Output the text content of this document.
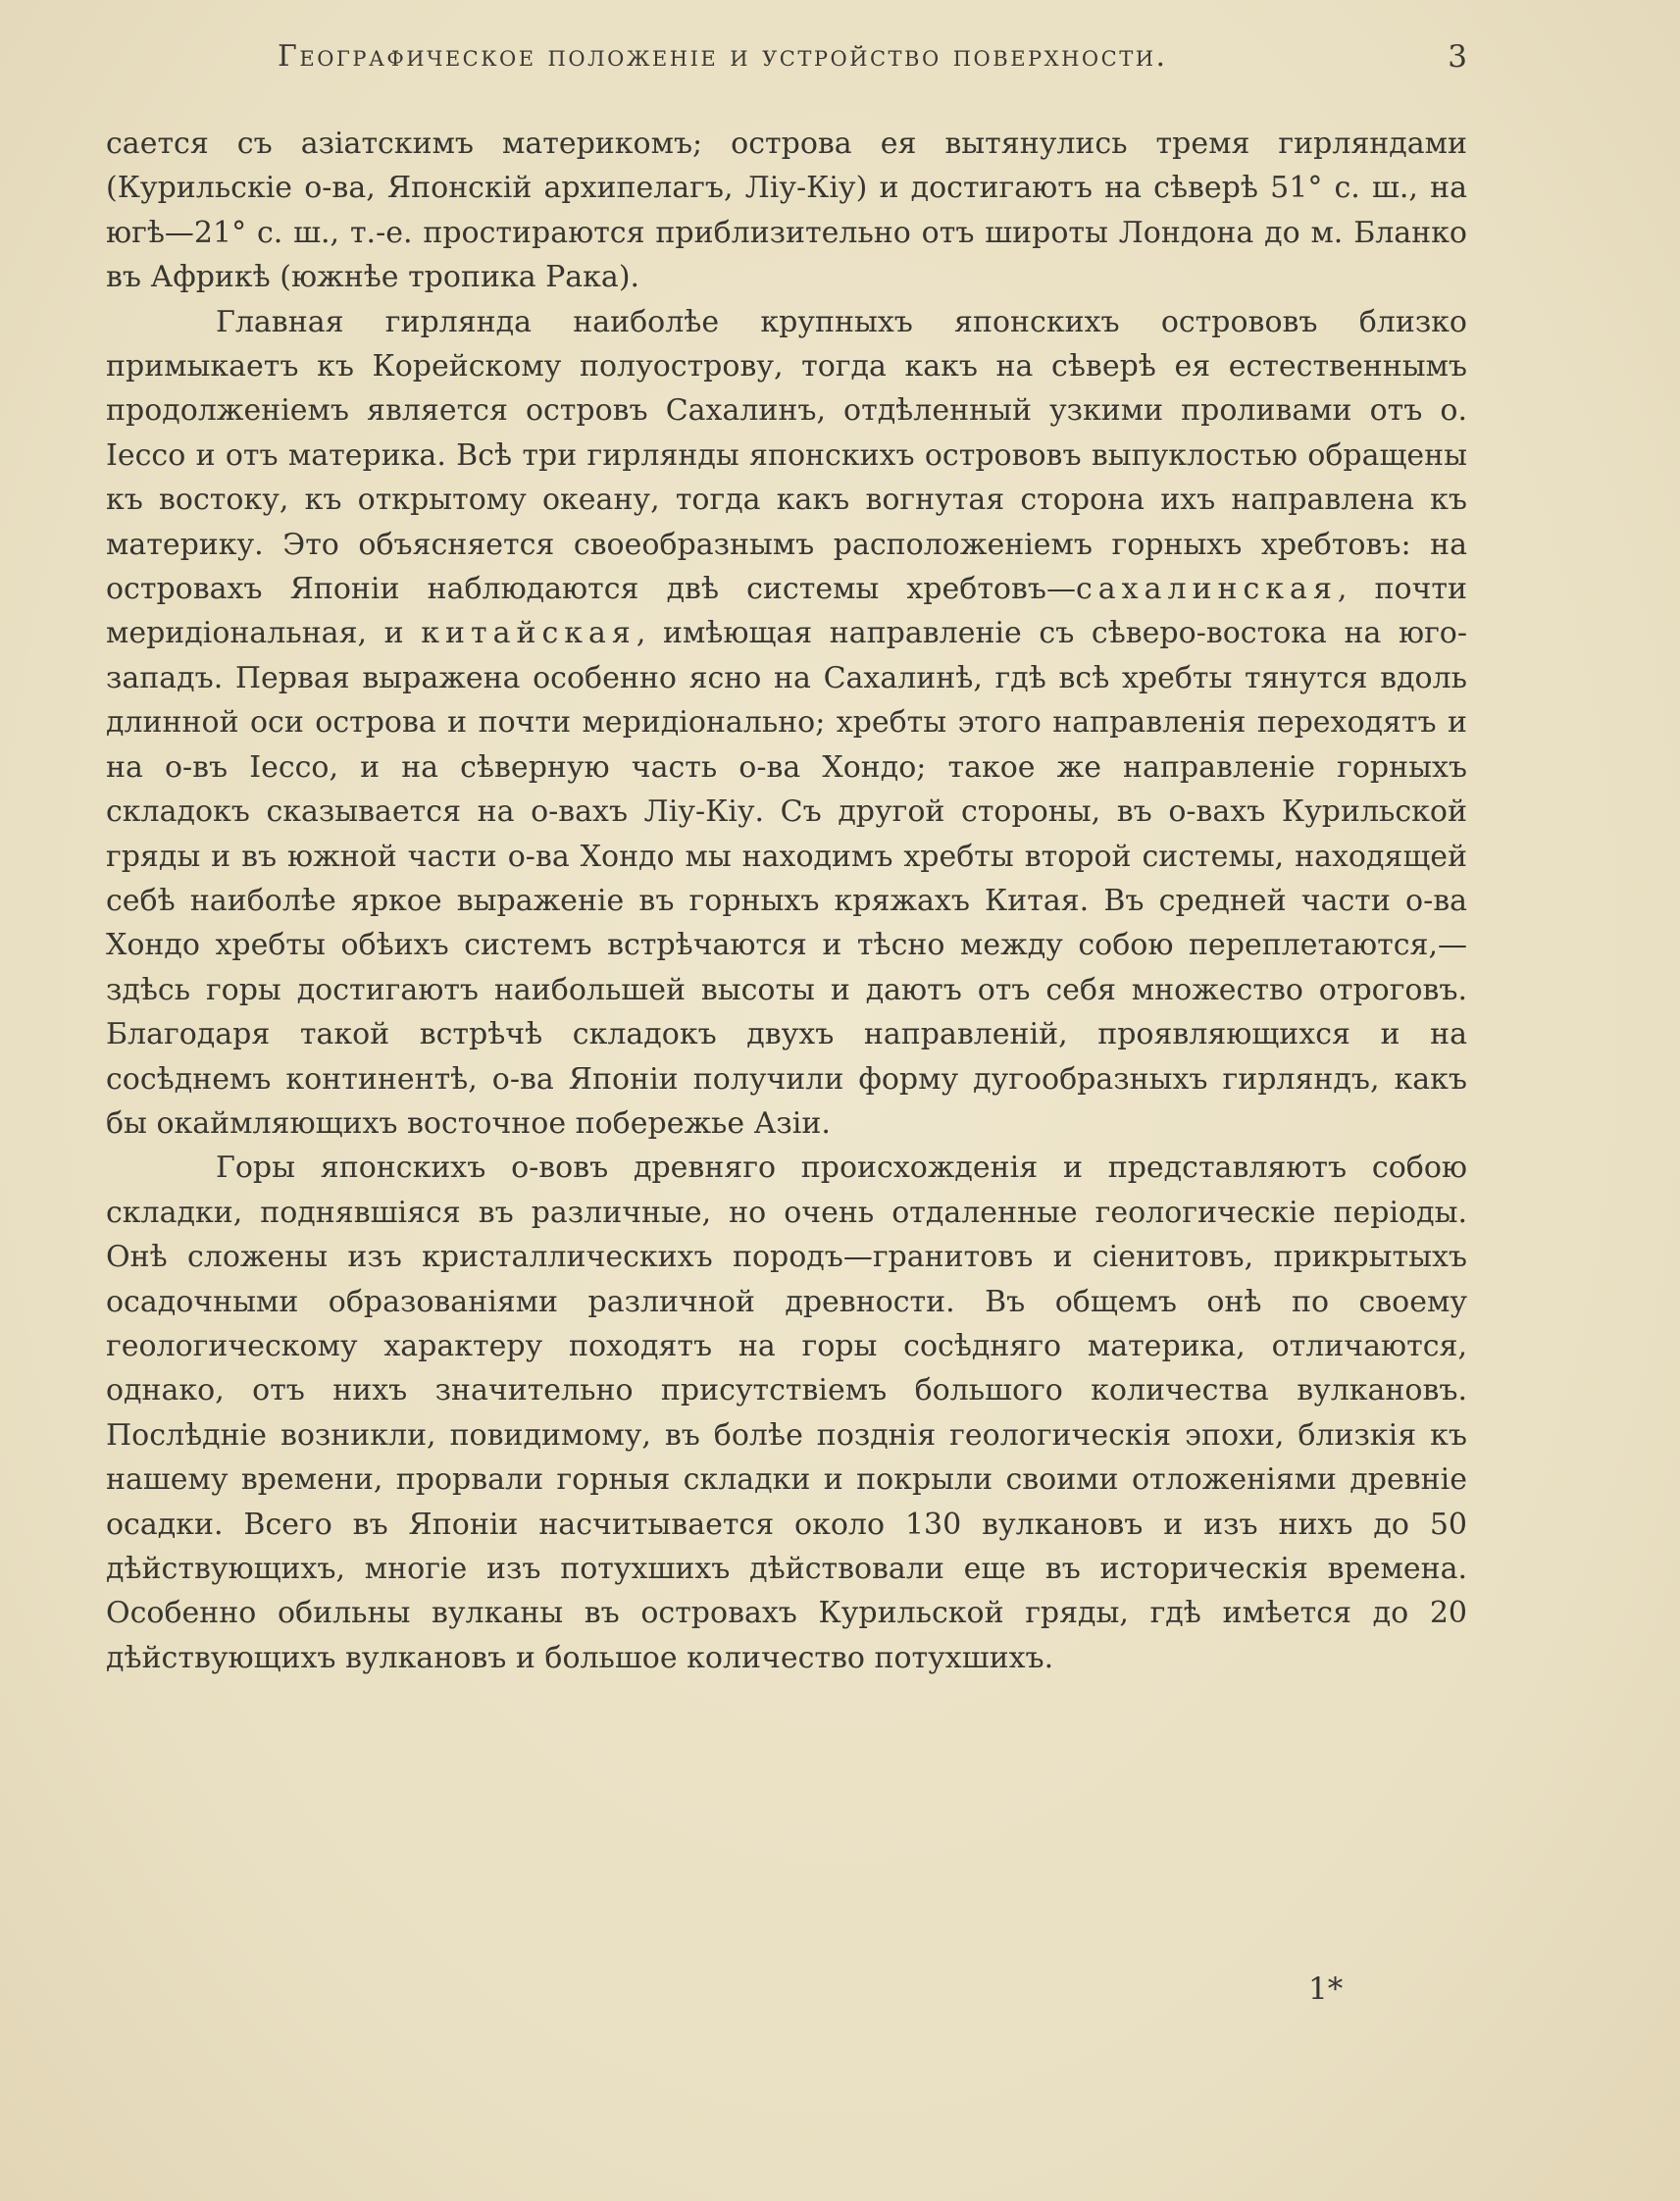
Географическое положеніе и устройство поверхности.	3

сается съ азіатскимъ материкомъ; острова ея вытянулись тремя гирляндами (Курильскіе о-ва, Японскій архипелагъ, Ліу-Кіу) и достигаютъ на сѣверѣ 51° с. ш., на югѣ—21° с. ш., т.-е. простираются приблизительно отъ широты Лондона до м. Бланко въ Африкѣ (южнѣе тропика Рака).

Главная гирлянда наиболѣе крупныхъ японскихъ острововъ близко примыкаетъ къ Корейскому полуострову, тогда какъ на сѣверѣ ея естественнымъ продолженіемъ является островъ Сахалинъ, отдѣленный узкими проливами отъ о. Іессо и отъ материка. Всѣ три гирлянды японскихъ острововъ выпуклостью обращены къ востоку, къ открытому океану, тогда какъ вогнутая сторона ихъ направлена къ материку. Это объясняется своеобразнымъ расположеніемъ горныхъ хребтовъ: на островахъ Японіи наблюдаются двѣ системы хребтовъ—сахалинская, почти меридіональная, и китайская, имѣющая направленіе съ сѣверо-востока на юго-западъ. Первая выражена особенно ясно на Сахалинѣ, гдѣ всѣ хребты тянутся вдоль длинной оси острова и почти меридіонально; хребты этого направленія переходятъ и на о-въ Іессо, и на сѣверную часть о-ва Хондо; такое же направленіе горныхъ складокъ сказывается на о-вахъ Ліу-Кіу. Съ другой стороны, въ о-вахъ Курильской гряды и въ южной части о-ва Хондо мы находимъ хребты второй системы, находящей себѣ наиболѣе яркое выраженіе въ горныхъ кряжахъ Китая. Въ средней части о-ва Хондо хребты обѣихъ системъ встрѣчаются и тѣсно между собою переплетаются,—здѣсь горы достигаютъ наибольшей высоты и даютъ отъ себя множество отроговъ. Благодаря такой встрѣчѣ складокъ двухъ направленій, проявляющихся и на сосѣднемъ континентѣ, о-ва Японіи получили форму дугообразныхъ гирляндъ, какъ бы окаймляющихъ восточное побережье Азіи.

Горы японскихъ о-вовъ древняго происхожденія и представляютъ собою складки, поднявшіяся въ различные, но очень отдаленные геологическіе періоды. Онѣ сложены изъ кристаллическихъ породъ—гранитовъ и сіенитовъ, прикрытыхъ осадочными образованіями различной древности. Въ общемъ онѣ по своему геологическому характеру походятъ на горы сосѣдняго материка, отличаются, однако, отъ нихъ значительно присутствіемъ большого количества вулкановъ. Послѣдніе возникли, повидимому, въ болѣе позднія геологическія эпохи, близкія къ нашему времени, прорвали горныя складки и покрыли своими отложеніями древніе осадки. Всего въ Японіи насчитывается около 130 вулкановъ и изъ нихъ до 50 дѣйствующихъ, многіе изъ потухшихъ дѣйствовали еще въ историческія времена. Особенно обильны вулканы въ островахъ Курильской гряды, гдѣ имѣется до 20 дѣйствующихъ вулкановъ и большое количество потухшихъ.

1*
